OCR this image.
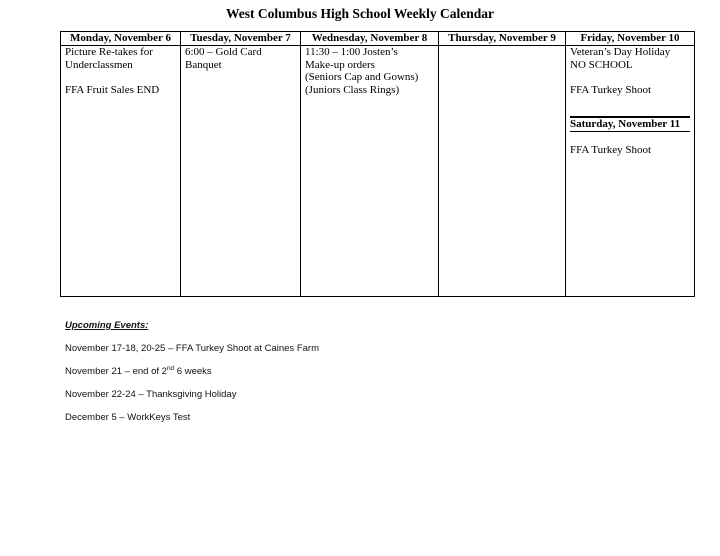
West Columbus High School Weekly Calendar
Monday, November 6
Picture Re-takes for
Underclassmen
FFA Fruit Sales END
Tuesday, November 7
6:00 – Gold Card
Banquet
Wednesday, November 8
11:30 – 1:00 Josten’s
Make-up orders
(Seniors Cap and Gowns)
(Juniors Class Rings)
Thursday, November 9	Friday, November 10
Veteran’s Day Holiday
NO SCHOOL
FFA Turkey Shoot
Saturday, November 11
FFA Turkey Shoot
Upcoming Events:
November 17-18, 20-25 – FFA Turkey Shoot at Caines Farm
November 21 – end of 2nd 6 weeks
November 22-24 – Thanksgiving Holiday
December 5 – WorkKeys Test
